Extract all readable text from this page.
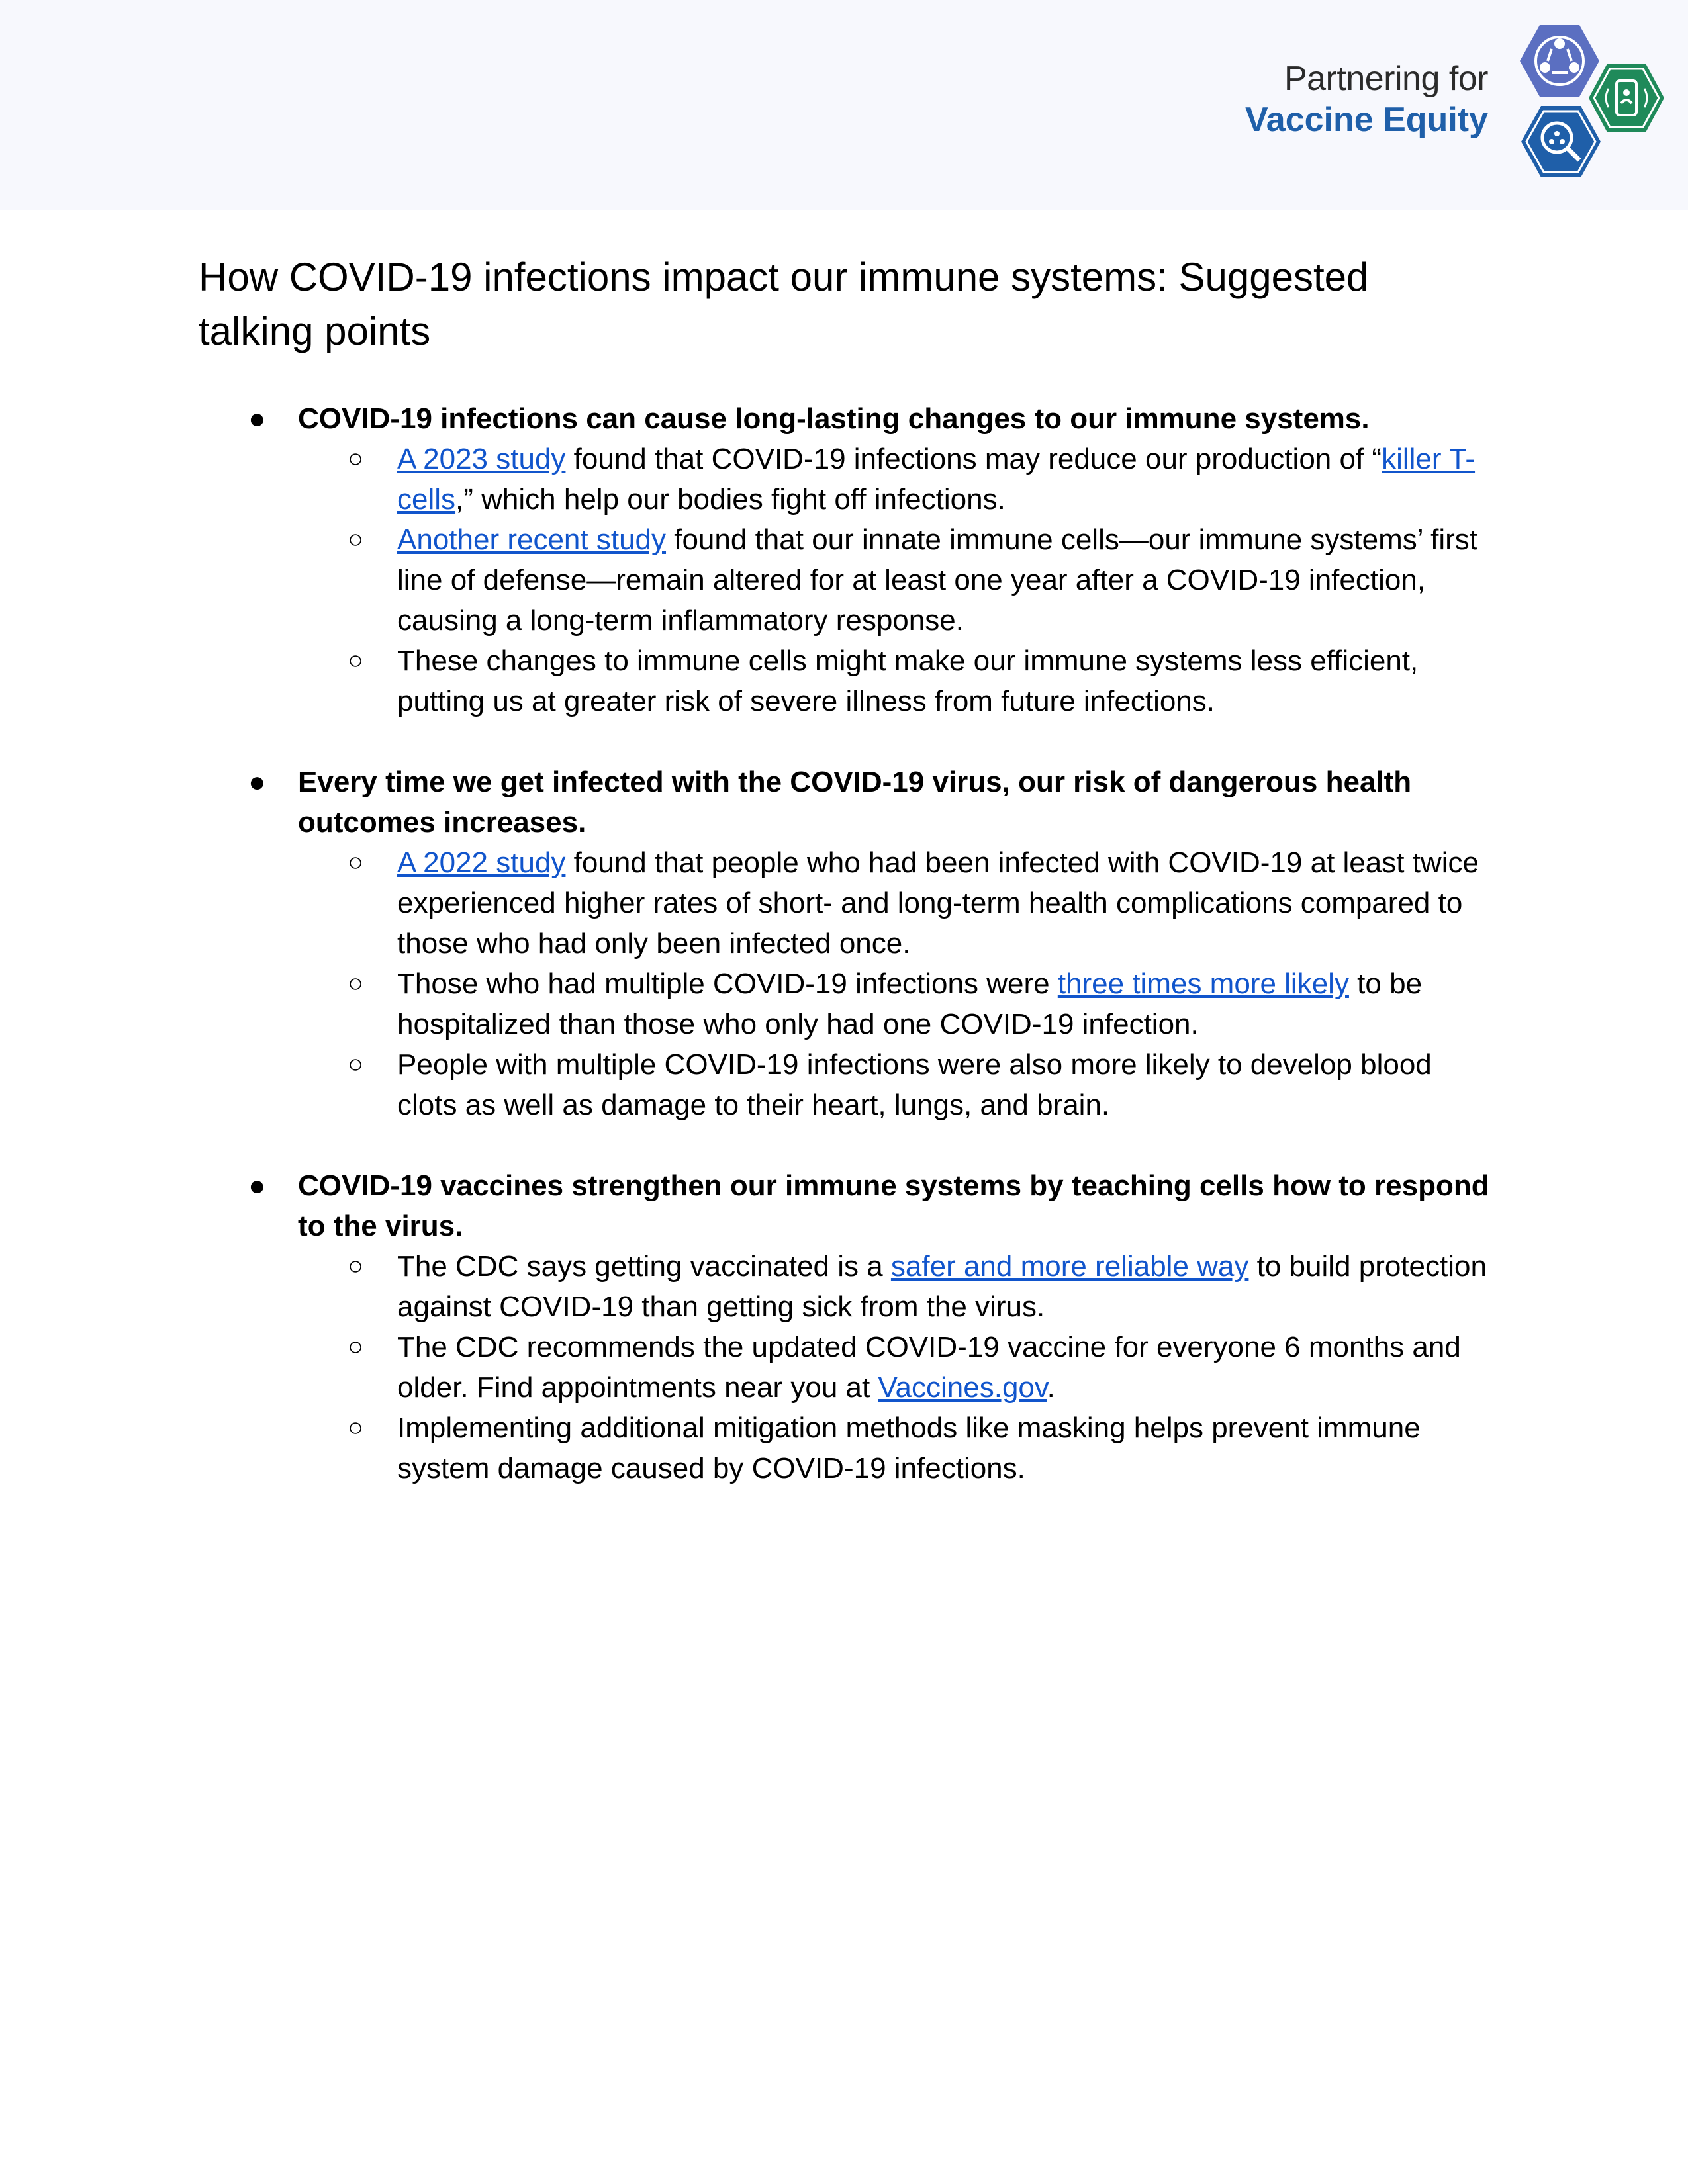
Partnering for
Vaccine Equity
How COVID-19 infections impact our immune systems: Suggested talking points
● COVID-19 infections can cause long-lasting changes to our immune systems.
○ A 2023 study found that COVID-19 infections may reduce our production of “killer T-cells,” which help our bodies fight off infections.
○ Another recent study found that our innate immune cells—our immune systems’ first line of defense—remain altered for at least one year after a COVID-19 infection, causing a long-term inflammatory response.
○ These changes to immune cells might make our immune systems less efficient, putting us at greater risk of severe illness from future infections.
● Every time we get infected with the COVID-19 virus, our risk of dangerous health outcomes increases.
○ A 2022 study found that people who had been infected with COVID-19 at least twice experienced higher rates of short- and long-term health complications compared to those who had only been infected once.
○ Those who had multiple COVID-19 infections were three times more likely to be hospitalized than those who only had one COVID-19 infection.
○ People with multiple COVID-19 infections were also more likely to develop blood clots as well as damage to their heart, lungs, and brain.
● COVID-19 vaccines strengthen our immune systems by teaching cells how to respond to the virus.
○ The CDC says getting vaccinated is a safer and more reliable way to build protection against COVID-19 than getting sick from the virus.
○ The CDC recommends the updated COVID-19 vaccine for everyone 6 months and older. Find appointments near you at Vaccines.gov.
○ Implementing additional mitigation methods like masking helps prevent immune system damage caused by COVID-19 infections.
